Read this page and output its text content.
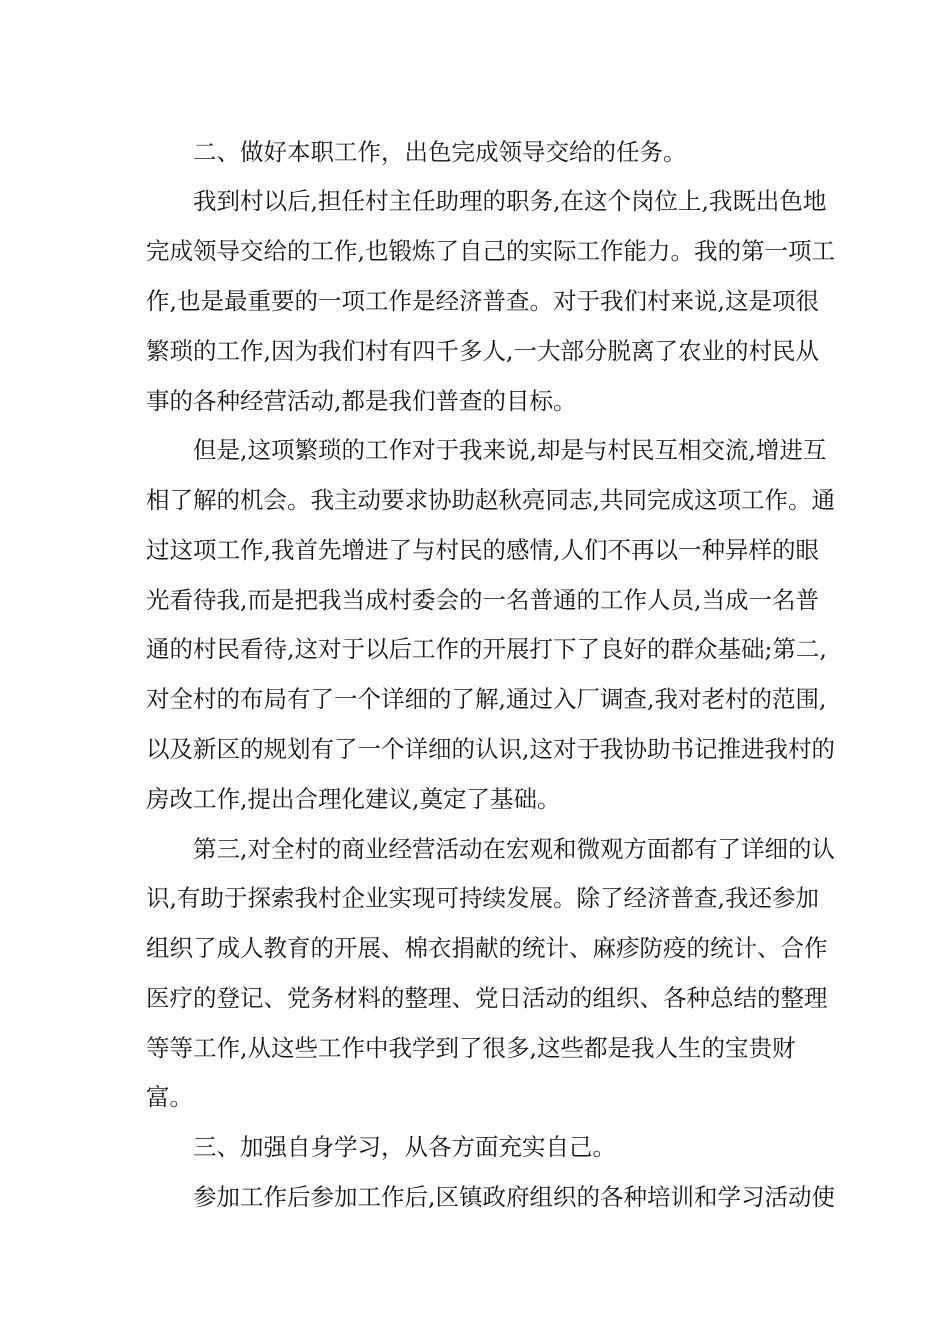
二、做好本职工作，出色完成领导交给的任务。
我到村以后,担任村主任助理的职务,在这个岗位上,我既出色地
完成领导交给的工作,也锻炼了自己的实际工作能力。我的第一项工
作,也是最重要的一项工作是经济普查。对于我们村来说,这是项很
繁琐的工作,因为我们村有四千多人,一大部分脱离了农业的村民从
事的各种经营活动,都是我们普查的目标。
但是,这项繁琐的工作对于我来说,却是与村民互相交流,增进互
相了解的机会。我主动要求协助赵秋亮同志,共同完成这项工作。通
过这项工作,我首先增进了与村民的感情,人们不再以一种异样的眼
光看待我,而是把我当成村委会的一名普通的工作人员,当成一名普
通的村民看待,这对于以后工作的开展打下了良好的群众基础;第二,
对全村的布局有了一个详细的了解,通过入厂调查,我对老村的范围,
以及新区的规划有了一个详细的认识,这对于我协助书记推进我村的
房改工作,提出合理化建议,奠定了基础。
第三,对全村的商业经营活动在宏观和微观方面都有了详细的认
识,有助于探索我村企业实现可持续发展。除了经济普查,我还参加
组织了成人教育的开展、棉衣捐献的统计、麻疹防疫的统计、合作
医疗的登记、党务材料的整理、党日活动的组织、各种总结的整理
等等工作,从这些工作中我学到了很多,这些都是我人生的宝贵财
富。
三、加强自身学习，从各方面充实自己。
参加工作后参加工作后,区镇政府组织的各种培训和学习活动使
